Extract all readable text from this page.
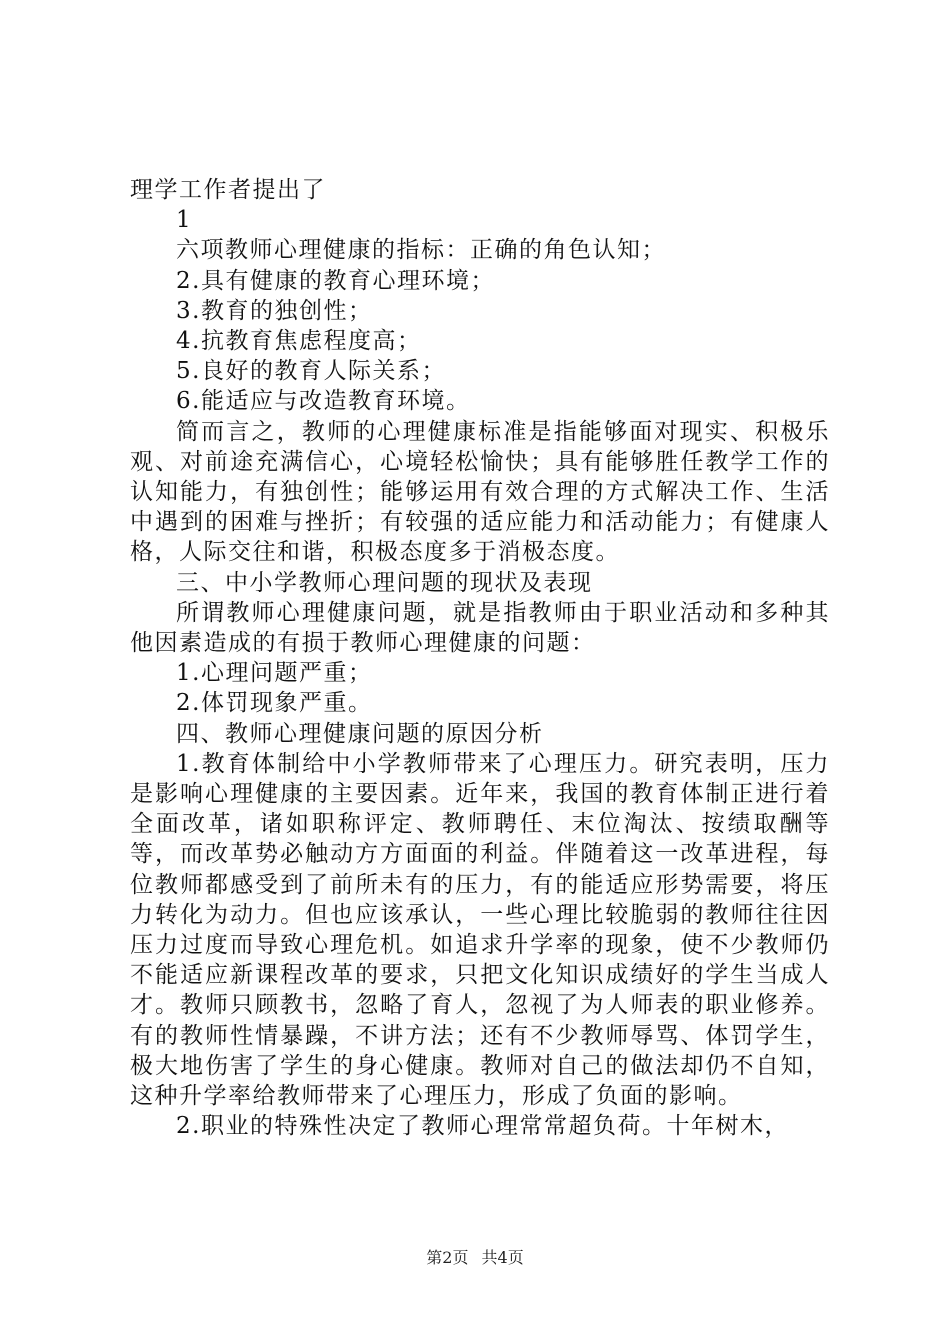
理学工作者提出了

1

六项教师心理健康的指标：正确的角色认知；

2.具有健康的教育心理环境；

3.教育的独创性；

4.抗教育焦虑程度高；

5.良好的教育人际关系；

6.能适应与改造教育环境。

简而言之，教师的心理健康标准是指能够面对现实、积极乐观、对前途充满信心，心境轻松愉快；具有能够胜任教学工作的认知能力，有独创性；能够运用有效合理的方式解决工作、生活中遇到的困难与挫折；有较强的适应能力和活动能力；有健康人格，人际交往和谐，积极态度多于消极态度。

三、中小学教师心理问题的现状及表现

所谓教师心理健康问题，就是指教师由于职业活动和多种其他因素造成的有损于教师心理健康的问题：

1.心理问题严重；

2.体罚现象严重。

四、教师心理健康问题的原因分析

1.教育体制给中小学教师带来了心理压力。研究表明，压力是影响心理健康的主要因素。近年来，我国的教育体制正进行着全面改革，诸如职称评定、教师聘任、末位淘汰、按绩取酬等等，而改革势必触动方方面面的利益。伴随着这一改革进程，每位教师都感受到了前所未有的压力，有的能适应形势需要，将压力转化为动力。但也应该承认，一些心理比较脆弱的教师往往因压力过度而导致心理危机。如追求升学率的现象，使不少教师仍不能适应新课程改革的要求，只把文化知识成绩好的学生当成人才。教师只顾教书，忽略了育人，忽视了为人师表的职业修养。有的教师性情暴躁，不讲方法；还有不少教师辱骂、体罚学生，极大地伤害了学生的身心健康。教师对自己的做法却仍不自知，这种升学率给教师带来了心理压力，形成了负面的影响。

2.职业的特殊性决定了教师心理常常超负荷。十年树木，

第2页 共4页
